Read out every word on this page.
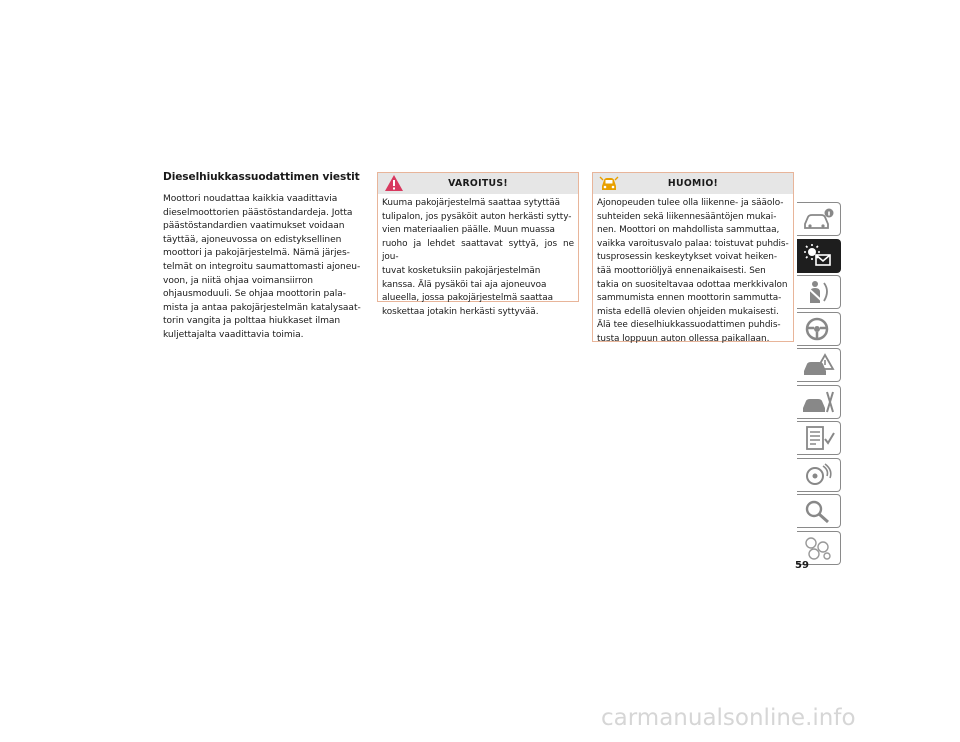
Dieselhiukkassuodattimen viestit

Moottori noudattaa kaikkia vaadittavia
dieselmoottorien päästöstandardeja. Jotta
päästöstandardien vaatimukset voidaan
täyttää, ajoneuvossa on edistyksellinen
moottori ja pakojärjestelmä. Nämä järjes-
telmät on integroitu saumattomasti ajoneu-
voon, ja niitä ohjaa voimansiirron
ohjausmoduuli. Se ohjaa moottorin pala-
mista ja antaa pakojärjestelmän katalysaat-
torin vangita ja polttaa hiukkaset ilman
kuljettajalta vaadittavia toimia.

VAROITUS!
Kuuma pakojärjestelmä saattaa sytyttää
tulipalon, jos pysäköit auton herkästi sytty-
vien materiaalien päälle. Muun muassa
ruoho ja lehdet saattavat syttyä, jos ne jou-
tuvat kosketuksiin pakojärjestelmän
kanssa. Älä pysäköi tai aja ajoneuvoa
alueella, jossa pakojärjestelmä saattaa
koskettaa jotakin herkästi syttyvää.
HUOMIO!
Ajonopeuden tulee olla liikenne- ja sääolo-
suhteiden sekä liikennesääntöjen mukai-
nen. Moottori on mahdollista sammuttaa,
vaikka varoitusvalo palaa: toistuvat puhdis-
tusprosessin keskeytykset voivat heiken-
tää moottoriöljyä ennenaikaisesti. Sen
takia on suositeltavaa odottaa merkkivalon
sammumista ennen moottorin sammutta-
mista edellä olevien ohjeiden mukaisesti.
Älä tee dieselhiukkassuodattimen puhdis-
tusta loppuun auton ollessa paikallaan.
59
carmanualsonline.info
